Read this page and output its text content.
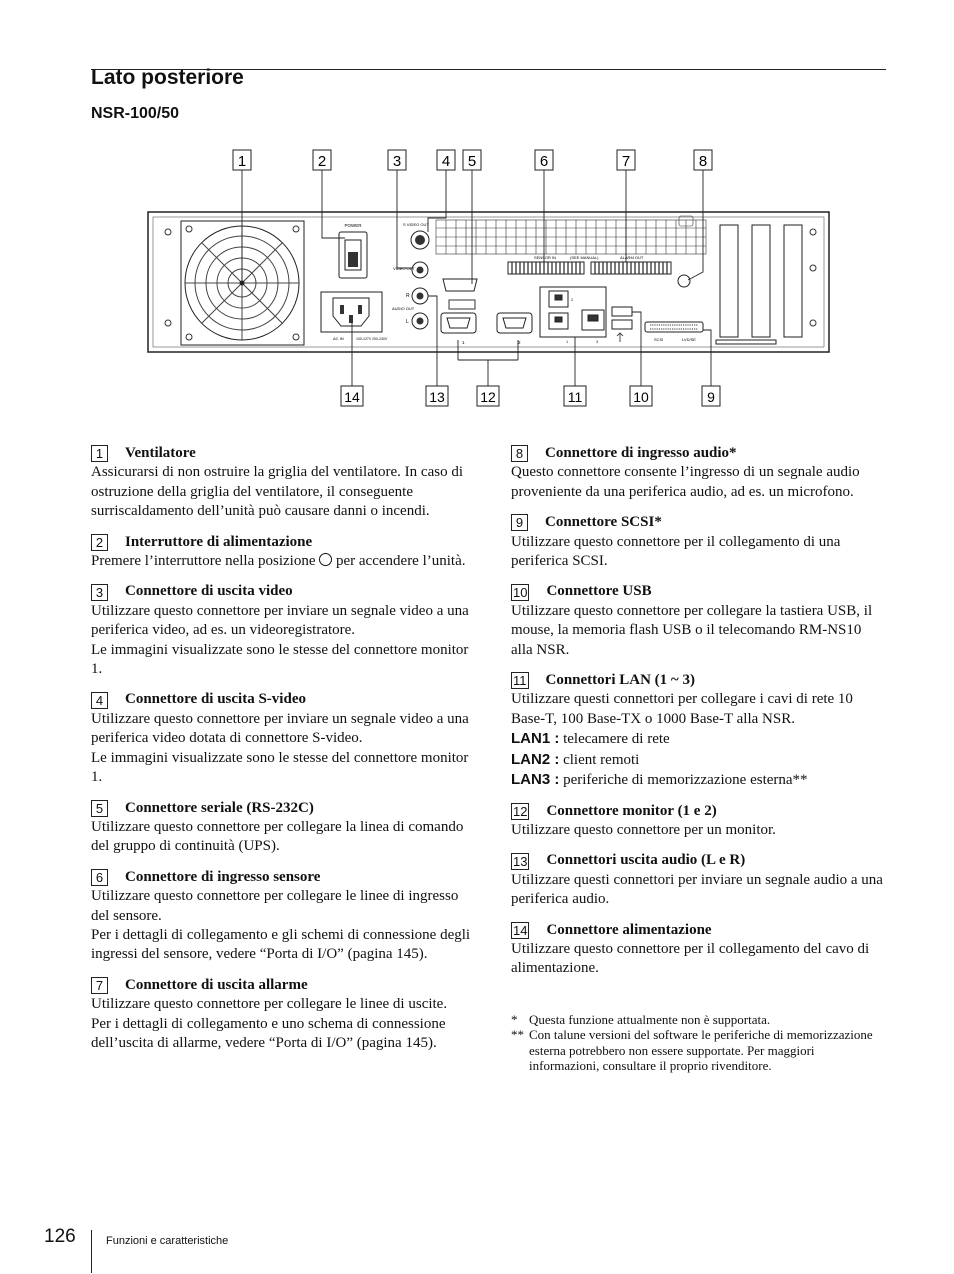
Lato posteriore
NSR-100/50
1	2	3	4 5	6	7	8
14	13	12	11	10	9
POWER
AC IN	100-127V 200-240V
S VIDEO OUT
VIDEO OUT
AUDIO OUT
R
L
SENSOR IN	(SEE MANUAL)	ALARM OUT
1	2
2
1	3	SCSI	LVD/SE
1	Ventilatore

Assicurarsi di non ostruire la griglia del ventilatore. In caso di ostruzione della griglia del ventilatore, il conseguente surriscaldamento dell’unità può causare danni o incendi.

2	Interruttore di alimentazione

Premere l’interruttore nella posizione per accendere l’unità.

3	Connettore di uscita video

Utilizzare questo connettore per inviare un segnale video a una periferica video, ad es. un videoregistratore.

Le immagini visualizzate sono le stesse del connettore monitor 1.

4	Connettore di uscita S-video

Utilizzare questo connettore per inviare un segnale video a una periferica video dotata di connettore S-video.

Le immagini visualizzate sono le stesse del connettore monitor 1.

5	Connettore seriale (RS-232C)

Utilizzare questo connettore per collegare la linea di comando del gruppo di continuità (UPS).

6	Connettore di ingresso sensore

Utilizzare questo connettore per collegare le linee di ingresso del sensore.

Per i dettagli di collegamento e gli schemi di connessione degli ingressi del sensore, vedere “Porta di I/O” (pagina 145).

7	Connettore di uscita allarme

Utilizzare questo connettore per collegare le linee di uscite.

Per i dettagli di collegamento e uno schema di connessione dell’uscita di allarme, vedere “Porta di I/O” (pagina 145).

8	Connettore di ingresso audio*

Questo connettore consente l’ingresso di un segnale audio proveniente da una periferica audio, ad es. un microfono.

9	Connettore SCSI*

Utilizzare questo connettore per il collegamento di una periferica SCSI.

10 Connettore USB

Utilizzare questo connettore per collegare la tastiera USB, il mouse, la memoria flash USB o il telecomando RM-NS10 alla NSR.

11 Connettori LAN (1 ~ 3)

Utilizzare questi connettori per collegare i cavi di rete 10 Base-T, 100 Base-TX o 1000 Base-T alla NSR.

LAN1 : telecamere di rete

LAN2 : client remoti

LAN3 : periferiche di memorizzazione esterna**

12 Connettore monitor (1 e 2)

Utilizzare questo connettore per un monitor.

13 Connettori uscita audio (L e R)

Utilizzare questi connettori per inviare un segnale audio a una periferica audio.

14 Connettore alimentazione

Utilizzare questo connettore per il collegamento del cavo di alimentazione.

* Questa funzione attualmente non è supportata.
** Con talune versioni del software le periferiche di memorizzazione esterna potrebbero non essere supportate. Per maggiori informazioni, consultare il proprio rivenditore.
126	Funzioni e caratteristiche
